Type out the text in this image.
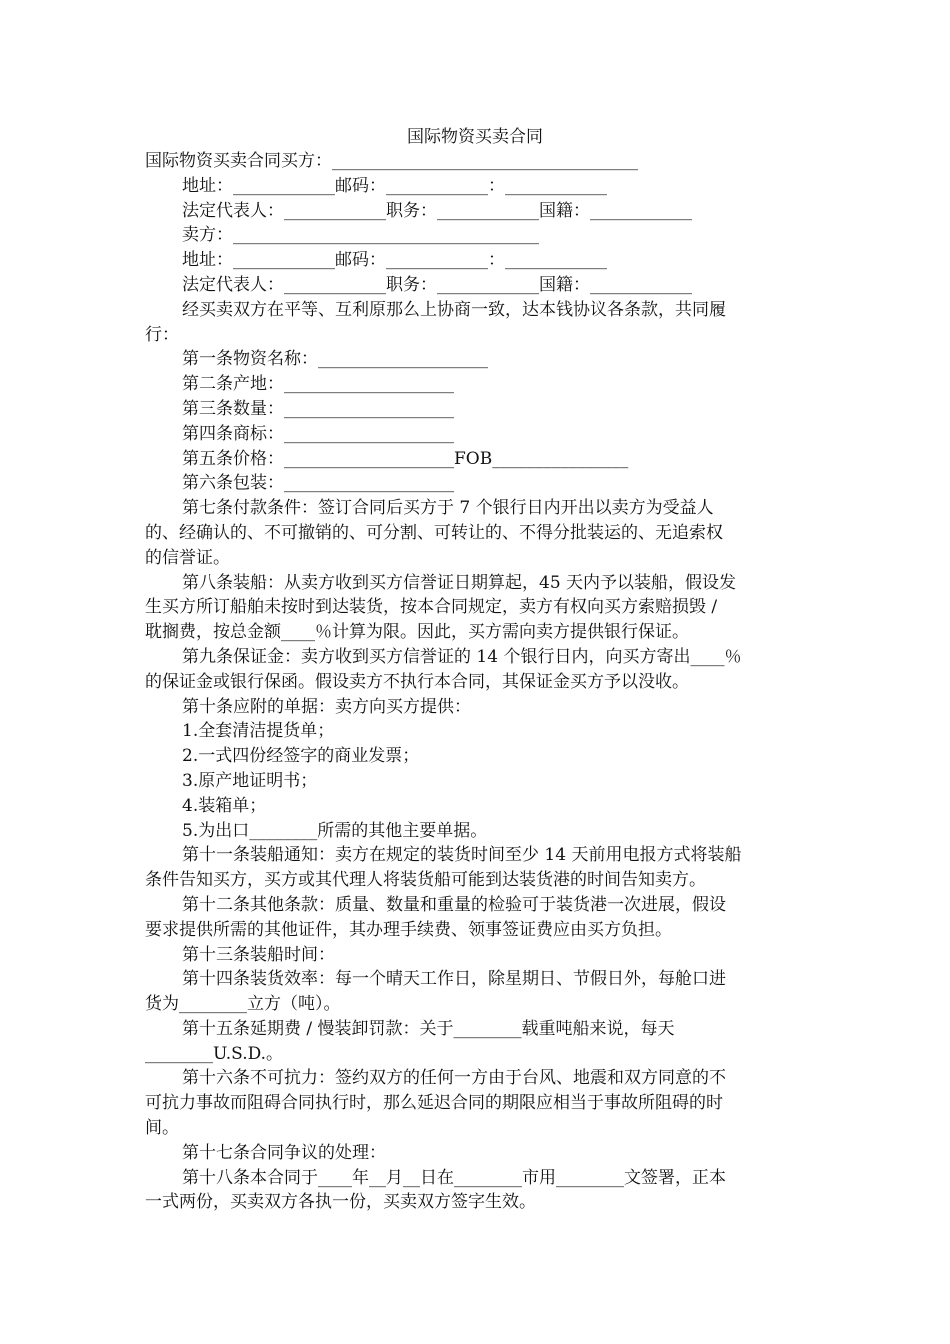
国际物资买卖合同
国际物资买卖合同买方：____________________________________
地址：____________邮码：____________：____________
法定代表人：____________职务：____________国籍：____________
卖方：____________________________________
地址：____________邮码：____________：____________
法定代表人：____________职务：____________国籍：____________
经买卖双方在平等、互利原那么上协商一致，达本钱协议各条款，共同履
行：
第一条物资名称：____________________
第二条产地：____________________
第三条数量：____________________
第四条商标：____________________
第五条价格：____________________FOB________________
第六条包装：____________________
第七条付款条件：签订合同后买方于 7 个银行日内开出以卖方为受益人
的、经确认的、不可撤销的、可分割、可转让的、不得分批装运的、无追索权
的信誉证。
第八条装船：从卖方收到买方信誉证日期算起，45 天内予以装船，假设发
生买方所订船舶未按时到达装货，按本合同规定，卖方有权向买方索赔损毁 /
耽搁费，按总金额____％计算为限。因此，买方需向卖方提供银行保证。
第九条保证金：卖方收到买方信誉证的 14 个银行日内，向买方寄出____％
的保证金或银行保函。假设卖方不执行本合同，其保证金买方予以没收。
第十条应附的单据：卖方向买方提供：
1.全套清洁提货单；
2.一式四份经签字的商业发票；
3.原产地证明书；
4.装箱单；
5.为出口________所需的其他主要单据。
第十一条装船通知：卖方在规定的装货时间至少 14 天前用电报方式将装船
条件告知买方，买方或其代理人将装货船可能到达装货港的时间告知卖方。
第十二条其他条款：质量、数量和重量的检验可于装货港一次进展，假设
要求提供所需的其他证件，其办理手续费、领事签证费应由买方负担。
第十三条装船时间：
第十四条装货效率：每一个晴天工作日，除星期日、节假日外，每舱口进
货为________立方（吨）。
第十五条延期费 / 慢装卸罚款：关于________载重吨船来说，每天
________U.S.D.。
第十六条不可抗力：签约双方的任何一方由于台风、地震和双方同意的不
可抗力事故而阻碍合同执行时，那么延迟合同的期限应相当于事故所阻碍的时
间。
第十七条合同争议的处理：
第十八条本合同于____年__月__日在________市用________文签署，正本
一式两份，买卖双方各执一份，买卖双方签字生效。
